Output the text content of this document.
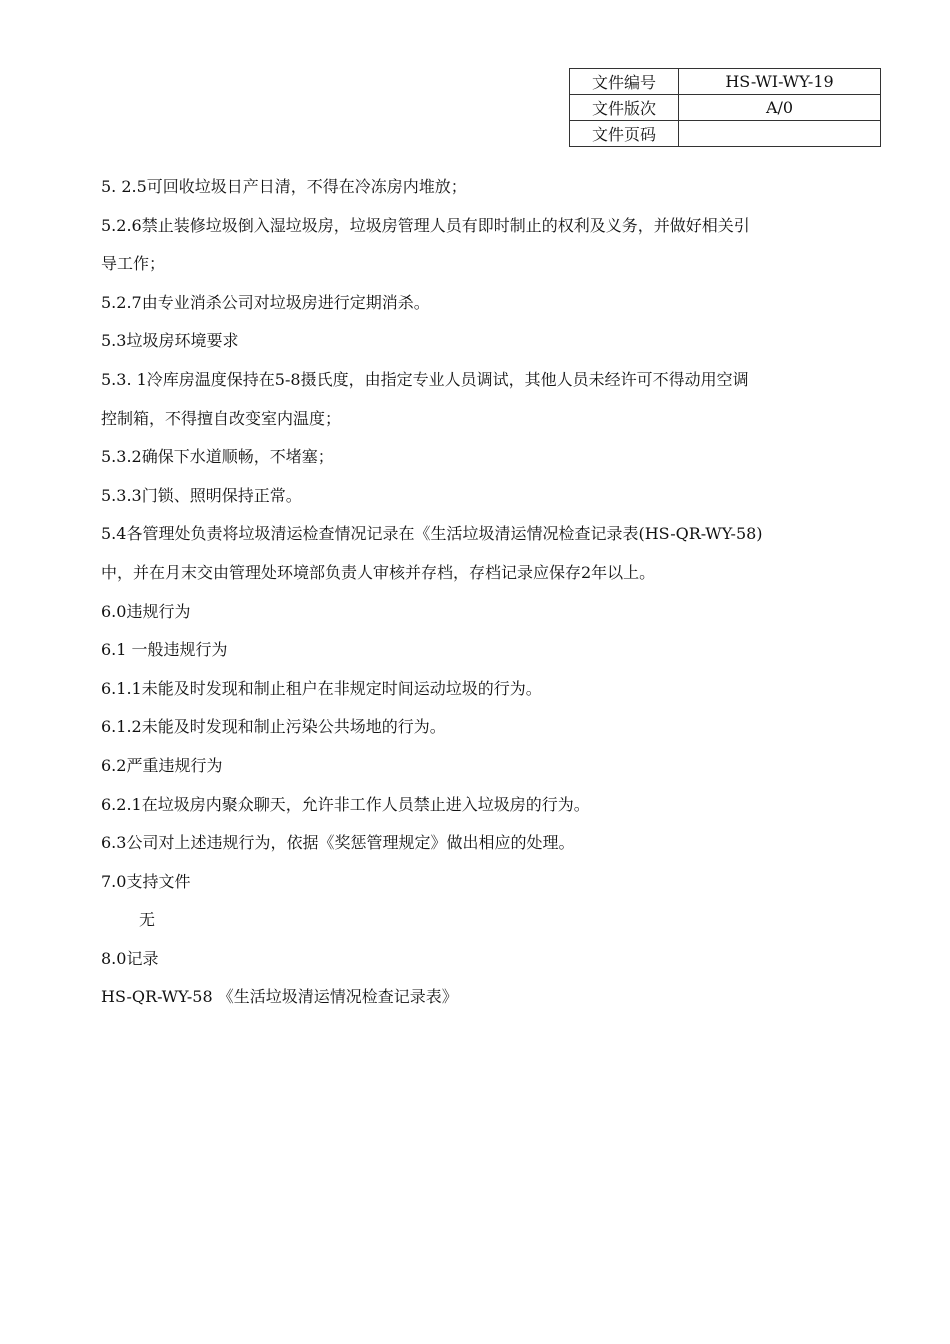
文件编号	HS-WI-WY-19
文件版次	A/0
文件页码	

5. 2.5可回收垃圾日产日清，不得在冷冻房内堆放；

5.2.6禁止装修垃圾倒入湿垃圾房，垃圾房管理人员有即时制止的权利及义务，并做好相关引

导工作；

5.2.7由专业消杀公司对垃圾房进行定期消杀。

5.3垃圾房环境要求

5.3. 1冷库房温度保持在5-8摄氏度，由指定专业人员调试，其他人员未经许可不得动用空调

控制箱，不得擅自改变室内温度；

5.3.2确保下水道顺畅，不堵塞；

5.3.3门锁、照明保持正常。

5.4各管理处负责将垃圾清运检查情况记录在《生活垃圾清运情况检查记录表(HS-QR-WY-58)

中，并在月末交由管理处环境部负责人审核并存档，存档记录应保存2年以上。

6.0违规行为

6.1 一般违规行为

6.1.1未能及时发现和制止租户在非规定时间运动垃圾的行为。

6.1.2未能及时发现和制止污染公共场地的行为。

6.2严重违规行为

6.2.1在垃圾房内聚众聊天，允许非工作人员禁止进入垃圾房的行为。

6.3公司对上述违规行为，依据《奖惩管理规定》做出相应的处理。

7.0支持文件

无

8.0记录

HS-QR-WY-58 《生活垃圾清运情况检查记录表》
